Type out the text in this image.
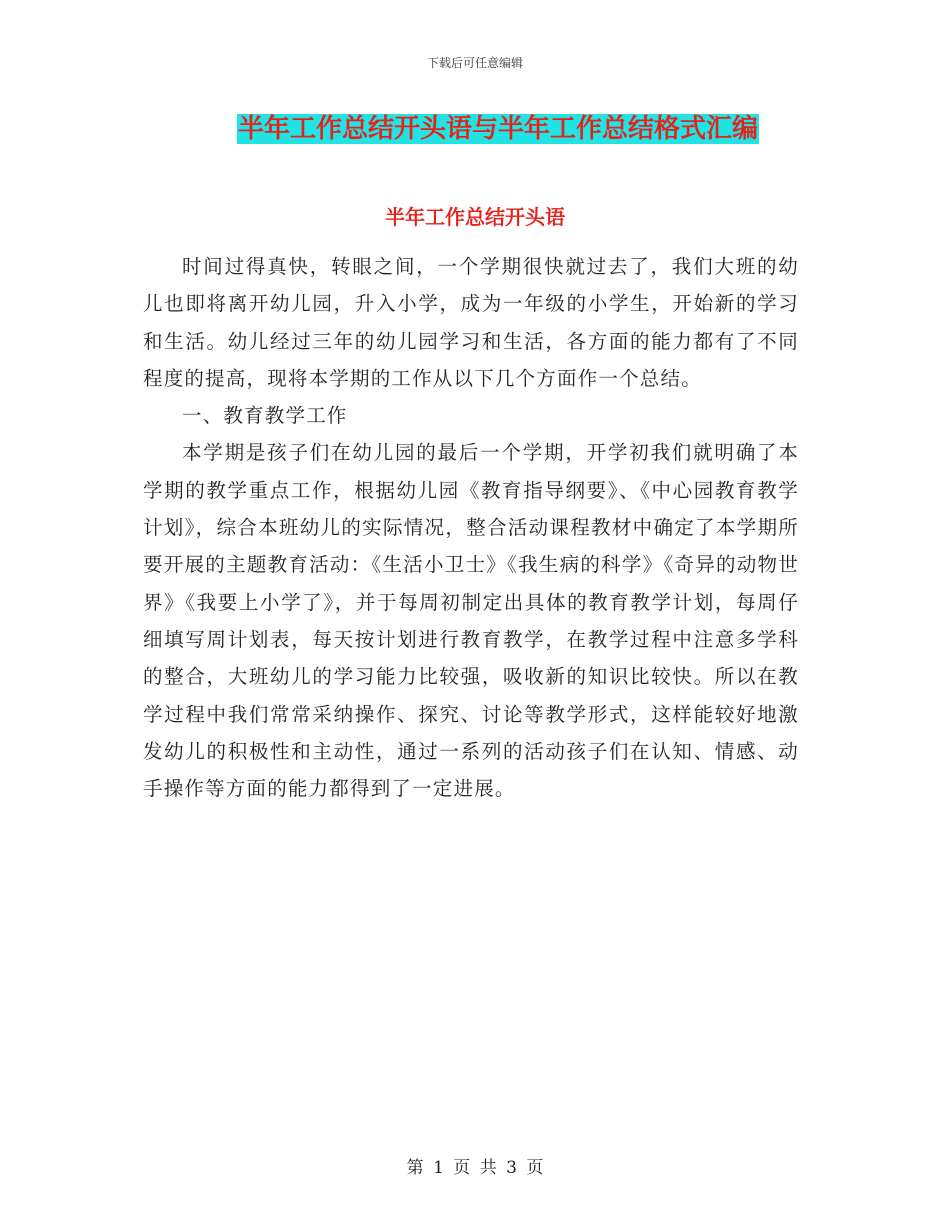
下载后可任意编辑
半年工作总结开头语与半年工作总结格式汇编
半年工作总结开头语

时间过得真快，转眼之间，一个学期很快就过去了，我们大班的幼儿也即将离开幼儿园，升入小学，成为一年级的小学生，开始新的学习和生活。幼儿经过三年的幼儿园学习和生活，各方面的能力都有了不同程度的提高，现将本学期的工作从以下几个方面作一个总结。

一、教育教学工作

本学期是孩子们在幼儿园的最后一个学期，开学初我们就明确了本学期的教学重点工作，根据幼儿园《教育指导纲要》、《中心园教育教学计划》，综合本班幼儿的实际情况，整合活动课程教材中确定了本学期所要开展的主题教育活动：《生活小卫士》《我生病的科学》《奇异的动物世界》《我要上小学了》，并于每周初制定出具体的教育教学计划，每周仔细填写周计划表，每天按计划进行教育教学，在教学过程中注意多学科的整合，大班幼儿的学习能力比较强，吸收新的知识比较快。所以在教学过程中我们常常采纳操作、探究、讨论等教学形式，这样能较好地激发幼儿的积极性和主动性，通过一系列的活动孩子们在认知、情感、动手操作等方面的能力都得到了一定进展。

第 1 页 共 3 页
